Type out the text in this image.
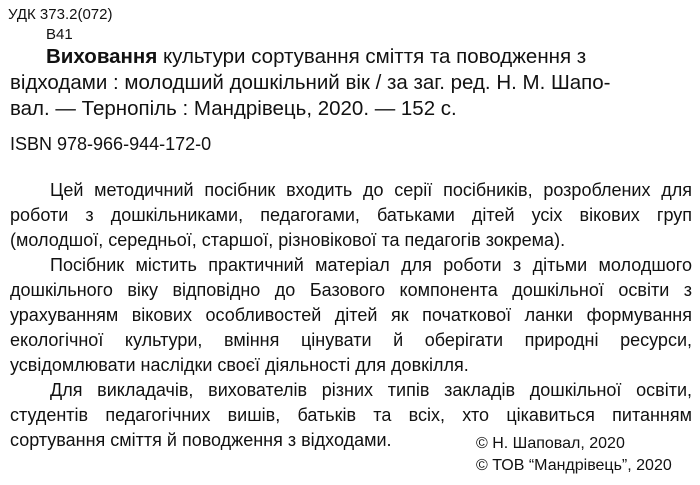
УДК 373.2(072)
В41
Виховання культури сортування сміття та поводження з
відходами : молодший дошкільний вік / за заг. ред. Н. М. Шапо-
вал. — Тернопіль : Мандрівець, 2020. — 152 с.
ISBN 978-966-944-172-0

Цей методичний посібник входить до серії посібників, розроблених для роботи з дошкільниками, педагогами, батьками дітей усіх вікових груп (молодшої, середньої, старшої, різновікової та педагогів зокрема).

Посібник містить практичний матеріал для роботи з дітьми молодшого дошкільного віку відповідно до Базового компонента дошкільної освіти з урахуванням вікових особливостей дітей як початкової ланки формування екологічної культури, вміння цінувати й оберігати природні ресурси, усвідомлювати наслідки своєї діяльності для довкілля.

Для викладачів, вихователів різних типів закладів дошкільної освіти, студентів педагогічних вишів, батьків та всіх, хто цікавиться питанням сортування сміття й поводження з відходами.	© Н. Шаповал, 2020
© ТОВ “Мандрівець”, 2020
